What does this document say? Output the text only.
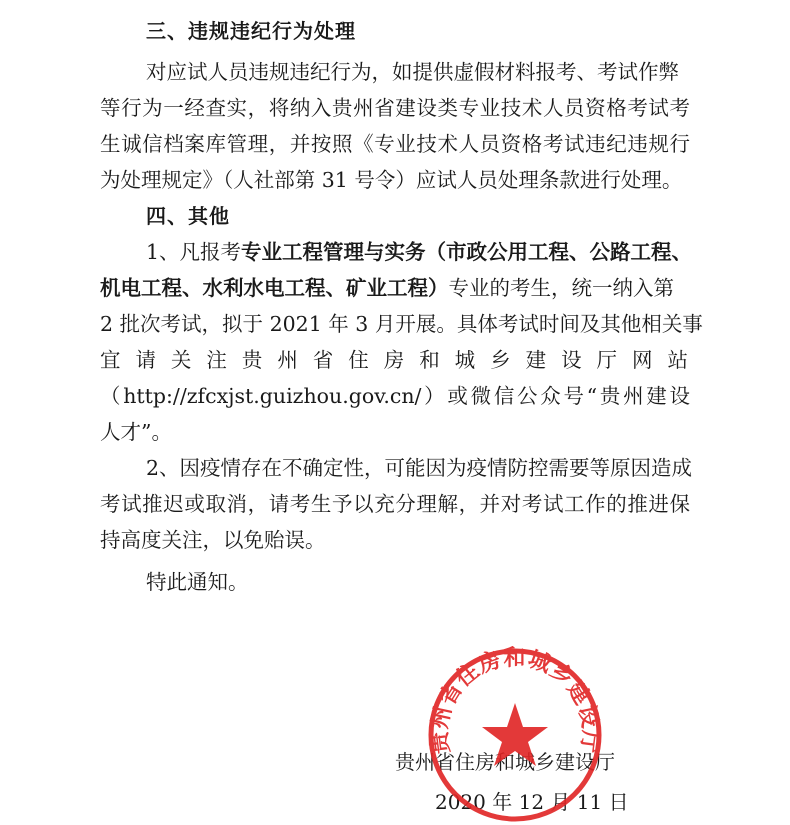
三、违规违纪行为处理
对应试人员违规违纪行为，如提供虚假材料报考、考试作弊
等行为一经查实，将纳入贵州省建设类专业技术人员资格考试考
生诚信档案库管理，并按照《专业技术人员资格考试违纪违规行
为处理规定》（人社部第 31 号令）应试人员处理条款进行处理。
四、其他
1、凡报考专业工程管理与实务（市政公用工程、公路工程、
机电工程、水利水电工程、矿业工程）专业的考生，统一纳入第
2 批次考试，拟于 2021 年 3 月开展。具体考试时间及其他相关事
宜请关注贵州省住房和城乡建设厅网站
（http://zfcxjst.guizhou.gov.cn/）或微信公众号“贵州建设
人才”。
2、因疫情存在不确定性，可能因为疫情防控需要等原因造成
考试推迟或取消，请考生予以充分理解，并对考试工作的推进保
持高度关注，以免贻误。
特此通知。
贵州省住房和城乡建设厅
2020 年 12 月 11 日
贵州省住房和城乡建设厅
